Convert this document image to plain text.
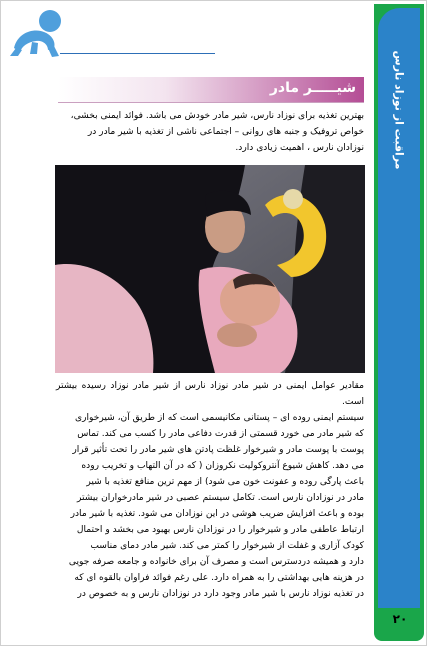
مراقبت از نوزاد نارس
۲۰
شیـــــر مادر
بهترین تغذیه برای نوزاد نارس، شیر مادر خودش می باشد. فوائد ایمنی بخشی،
خواص تروفیک و جنبه های روانی – اجتماعی ناشی از تغذیه با شیر مادر در
نوزادان نارس ، اهمیت زیادی دارد.
مقادیر عوامل ایمنی در شیر مادر نوزاد نارس از شیر مادر نوزاد رسیده بیشتر است.
سیستم ایمنی روده ای – پستانی مکانیسمی است که از طریق آن، شیرخواری
که شیر مادر می خورد قسمتی از قدرت دفاعی مادر را کسب می کند. تماس
پوست با پوست مادر و شیرخوار غلظت پادتن های شیر مادر را تحت تأثیر قرار
می دهد. کاهش شیوع آنتروکولیت نکروزان ( که در آن التهاب و تخریب روده
باعث پارگی روده و عفونت خون می شود) از مهم ترین منافع تغذیه با شیر
مادر در نوزادان نارس است. تکامل سیستم عصبی در شیر مادرخواران بیشتر
بوده و باعث افزایش ضریب هوشی در این نوزادان می شود. تغذیه با شیر مادر
ارتباط عاطفی مادر و شیرخوار را در نوزادان نارس بهبود می بخشد و احتمال
کودک آزاری و غفلت از شیرخوار را کمتر می کند. شیر مادر دمای مناسب
دارد و همیشه دردسترس است و مصرف آن برای خانواده و جامعه صرفه جویی
در هزینه هایی بهداشتی را به همراه دارد. علی رغم فوائد فراوان بالقوه ای که
در تغذیه نوزاد نارس با شیر مادر وجود دارد در نوزادان نارس و به خصوص در
